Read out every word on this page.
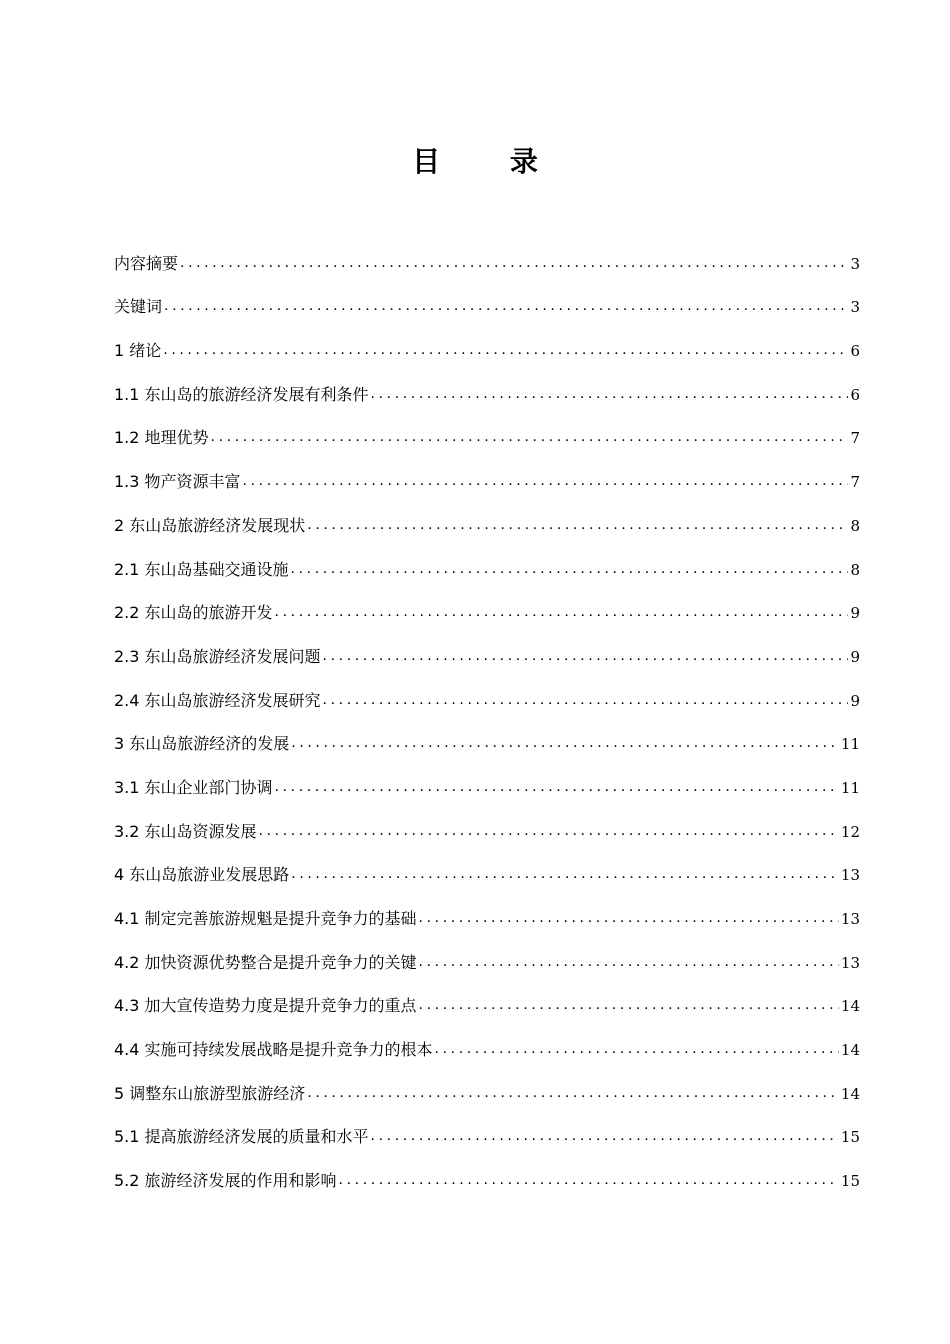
目 录
内容摘要 .....	3
关键词 .....	3
1 绪论 .....	6
1.1 东山岛的旅游经济发展有利条件 .....	6
1.2 地理优势 .....	7
1.3 物产资源丰富 .....	7
2 东山岛旅游经济发展现状 .....	8
2.1 东山岛基础交通设施 .....	8
2.2 东山岛的旅游开发 .....	9
2.3 东山岛旅游经济发展问题 .....	9
2.4 东山岛旅游经济发展研究 .....	9
3 东山岛旅游经济的发展 .....	11
3.1 东山企业部门协调 .....	11
3.2 东山岛资源发展 .....	12
4 东山岛旅游业发展思路 .....	13
4.1 制定完善旅游规魁是提升竞争力的基础 .....	13
4.2 加快资源优势整合是提升竞争力的关键 .....	13
4.3 加大宣传造势力度是提升竞争力的重点 .....	14
4.4 实施可持续发展战略是提升竞争力的根本 .....	14
5 调整东山旅游型旅游经济 .....	14
5.1 提高旅游经济发展的质量和水平 .....	15
5.2 旅游经济发展的作用和影响 .....	15
